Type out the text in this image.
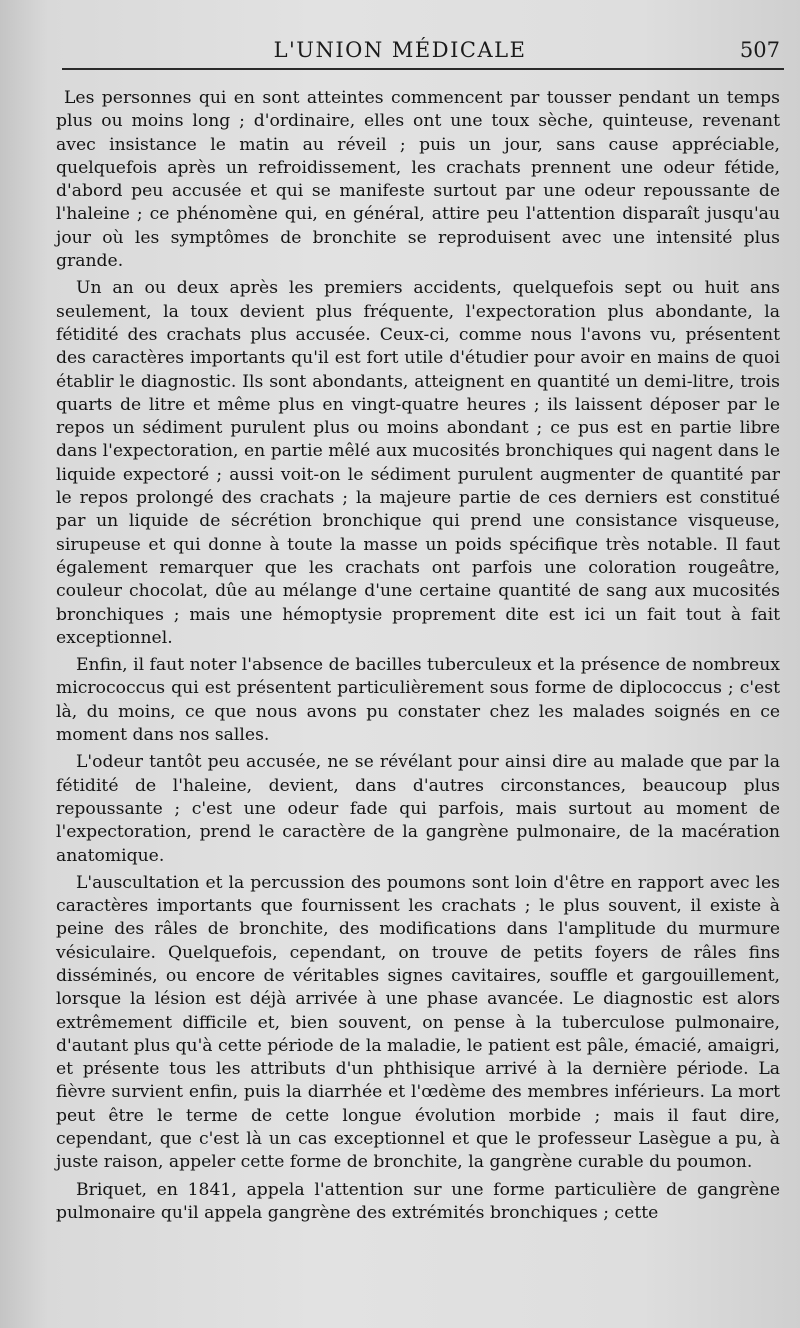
L'UNION MÉDICALE	507

Les personnes qui en sont atteintes commencent par tousser pendant un temps plus ou moins long ; d'ordinaire, elles ont une toux sèche, quinteuse, revenant avec insistance le matin au réveil ; puis un jour, sans cause appréciable, quelquefois après un refroidissement, les crachats prennent une odeur fétide, d'abord peu accusée et qui se manifeste surtout par une odeur repoussante de l'haleine ; ce phénomène qui, en général, attire peu l'attention disparaît jusqu'au jour où les symptômes de bronchite se reproduisent avec une intensité plus grande.

Un an ou deux après les premiers accidents, quelquefois sept ou huit ans seulement, la toux devient plus fréquente, l'expectoration plus abondante, la fétidité des crachats plus accusée. Ceux-ci, comme nous l'avons vu, présentent des caractères importants qu'il est fort utile d'étudier pour avoir en mains de quoi établir le diagnostic. Ils sont abondants, atteignent en quantité un demi-litre, trois quarts de litre et même plus en vingt-quatre heures ; ils laissent déposer par le repos un sédiment purulent plus ou moins abondant ; ce pus est en partie libre dans l'expectoration, en partie mêlé aux mucosités bronchiques qui nagent dans le liquide expectoré ; aussi voit-on le sédiment purulent augmenter de quantité par le repos prolongé des crachats ; la majeure partie de ces derniers est constitué par un liquide de sécrétion bronchique qui prend une consistance visqueuse, sirupeuse et qui donne à toute la masse un poids spécifique très notable. Il faut également remarquer que les crachats ont parfois une coloration rougeâtre, couleur chocolat, dûe au mélange d'une certaine quantité de sang aux mucosités bronchiques ; mais une hémoptysie proprement dite est ici un fait tout à fait exceptionnel.

Enfin, il faut noter l'absence de bacilles tuberculeux et la présence de nombreux micrococcus qui est présentent particulièrement sous forme de diplococcus ; c'est là, du moins, ce que nous avons pu constater chez les malades soignés en ce moment dans nos salles.

L'odeur tantôt peu accusée, ne se révélant pour ainsi dire au malade que par la fétidité de l'haleine, devient, dans d'autres circonstances, beaucoup plus repoussante ; c'est une odeur fade qui parfois, mais surtout au moment de l'expectoration, prend le caractère de la gangrène pulmonaire, de la macération anatomique.

L'auscultation et la percussion des poumons sont loin d'être en rapport avec les caractères importants que fournissent les crachats ; le plus souvent, il existe à peine des râles de bronchite, des modifications dans l'amplitude du murmure vésiculaire. Quelquefois, cependant, on trouve de petits foyers de râles fins disséminés, ou encore de véritables signes cavitaires, souffle et gargouillement, lorsque la lésion est déjà arrivée à une phase avancée. Le diagnostic est alors extrêmement difficile et, bien souvent, on pense à la tuberculose pulmonaire, d'autant plus qu'à cette période de la maladie, le patient est pâle, émacié, amaigri, et présente tous les attributs d'un phthisique arrivé à la dernière période. La fièvre survient enfin, puis la diarrhée et l'œdème des membres inférieurs. La mort peut être le terme de cette longue évolution morbide ; mais il faut dire, cependant, que c'est là un cas exceptionnel et que le professeur Lasègue a pu, à juste raison, appeler cette forme de bronchite, la gangrène curable du poumon.

Briquet, en 1841, appela l'attention sur une forme particulière de gangrène pulmonaire qu'il appela gangrène des extrémités bronchiques ; cette
